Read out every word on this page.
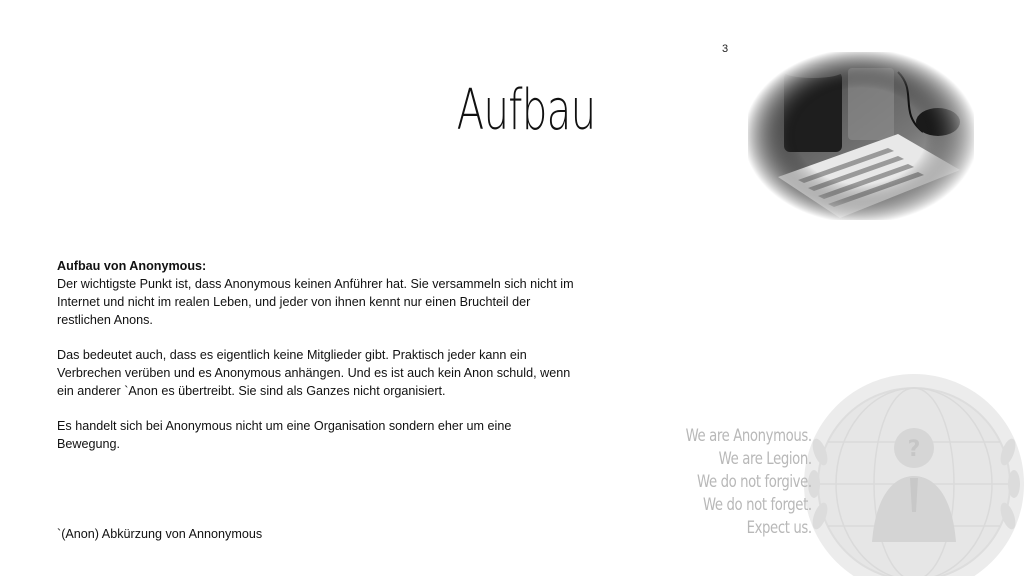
3
Aufbau

Aufbau von Anonymous:
Der wichtigste Punkt ist, dass Anonymous keinen Anführer hat. Sie versammeln sich nicht im Internet und nicht im realen Leben, und jeder von ihnen kennt nur einen Bruchteil der restlichen Anons.

Das bedeutet auch, dass es eigentlich keine Mitglieder gibt. Praktisch jeder kann ein Verbrechen verüben und es Anonymous anhängen. Und es ist auch kein Anon schuld, wenn ein anderer `Anon es übertreibt. Sie sind als Ganzes nicht organisiert.

Es handelt sich bei Anonymous nicht um eine Organisation sondern eher um eine Bewegung.

`(Anon) Abkürzung von Annonymous
?
We are Anonymous.
We are Legion.
We do not forgive.
We do not forget.
Expect us.
